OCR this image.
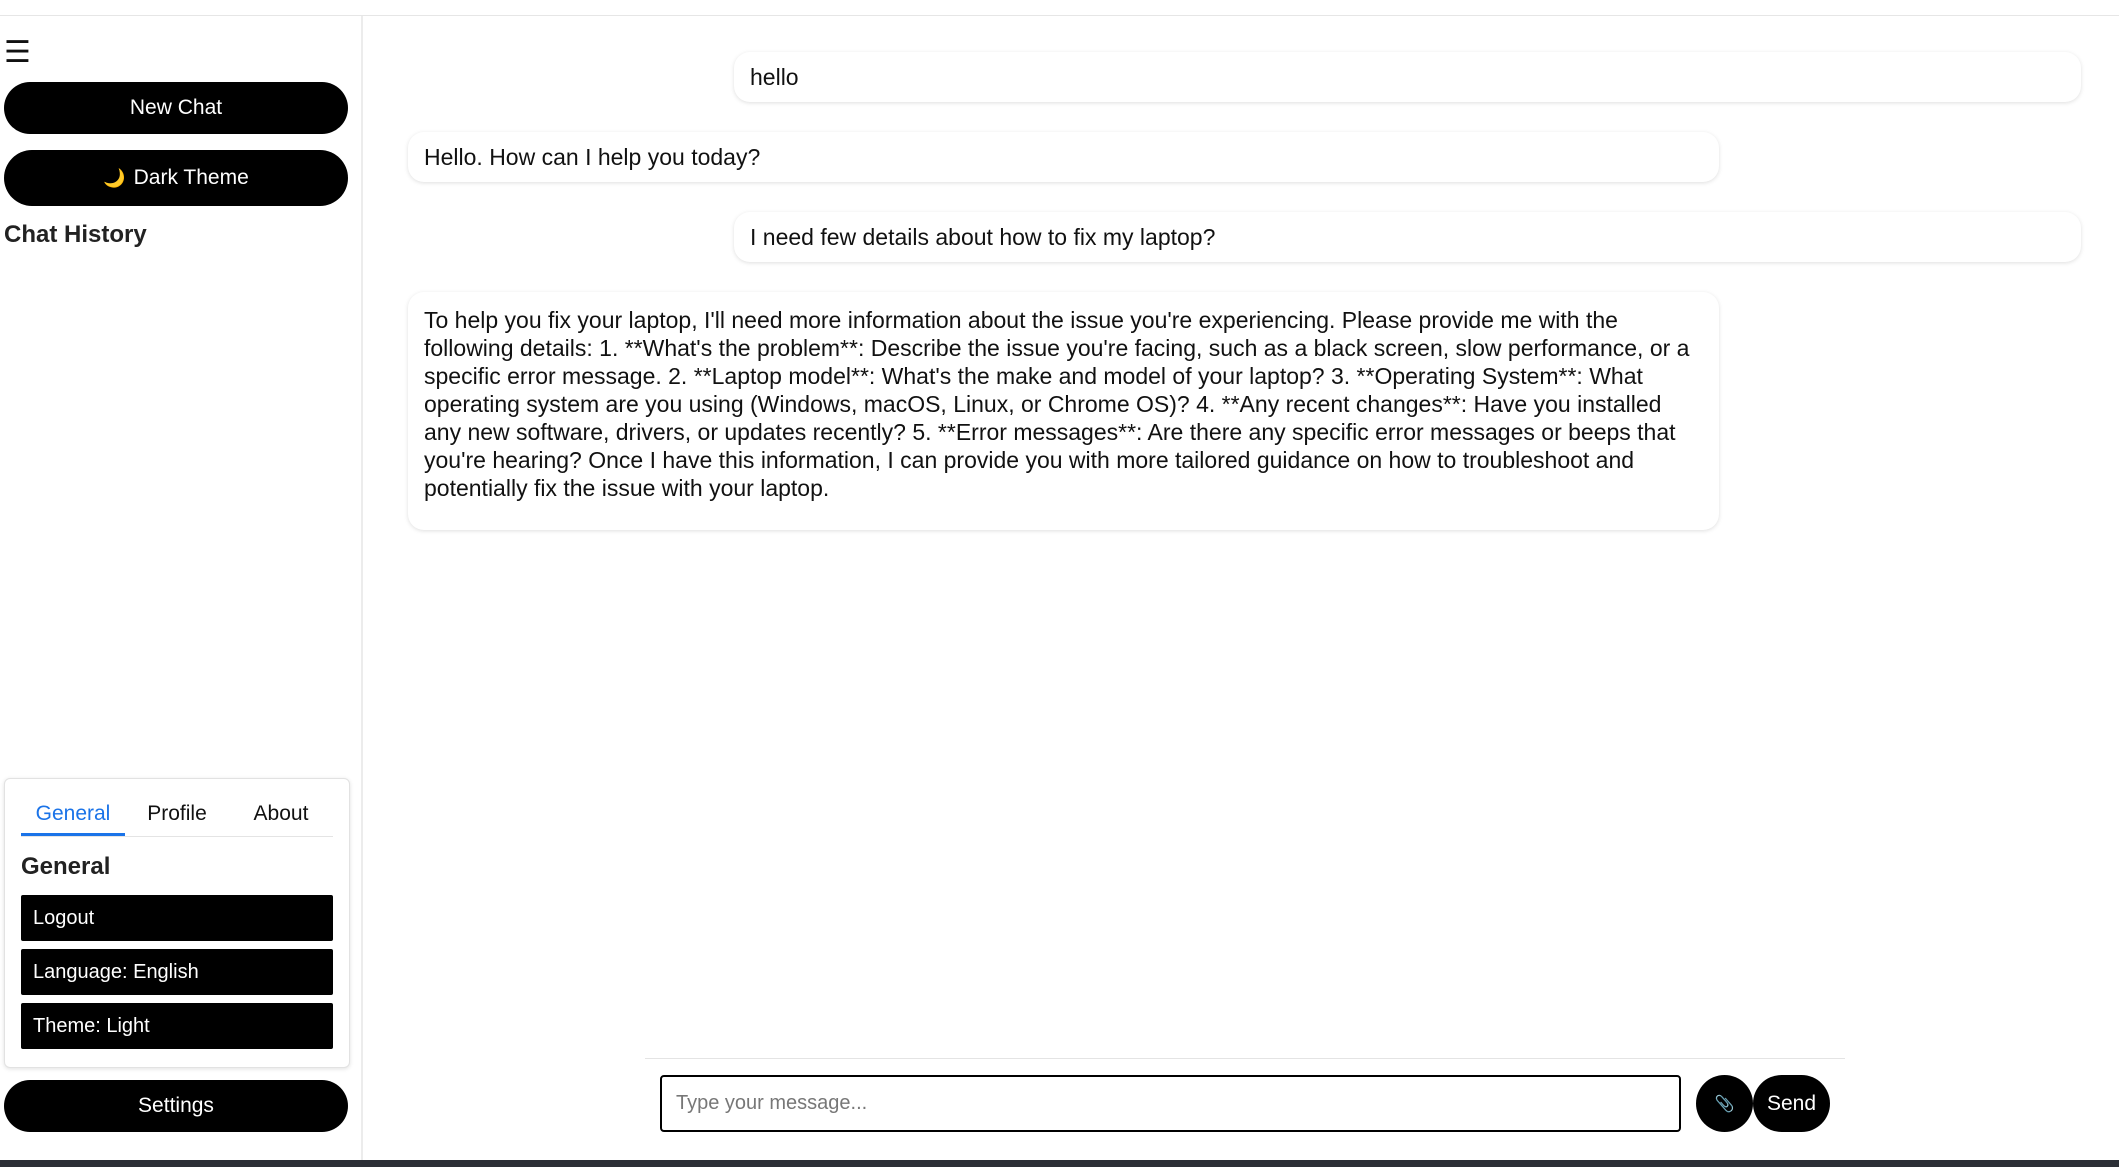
☰
New Chat
🌙 Dark Theme
Chat History
General	Profile	About
General
Logout
Language: English
Theme: Light
Settings
hello
Hello. How can I help you today?
I need few details about how to fix my laptop?
To help you fix your laptop, I'll need more information about the issue you're experiencing. Please provide me with the following details: 1. **What's the problem**: Describe the issue you're facing, such as a black screen, slow performance, or a specific error message. 2. **Laptop model**: What's the make and model of your laptop? 3. **Operating System**: What operating system are you using (Windows, macOS, Linux, or Chrome OS)? 4. **Any recent changes**: Have you installed any new software, drivers, or updates recently? 5. **Error messages**: Are there any specific error messages or beeps that you're hearing? Once I have this information, I can provide you with more tailored guidance on how to troubleshoot and potentially fix the issue with your laptop.
Type your message...
📎 Send
